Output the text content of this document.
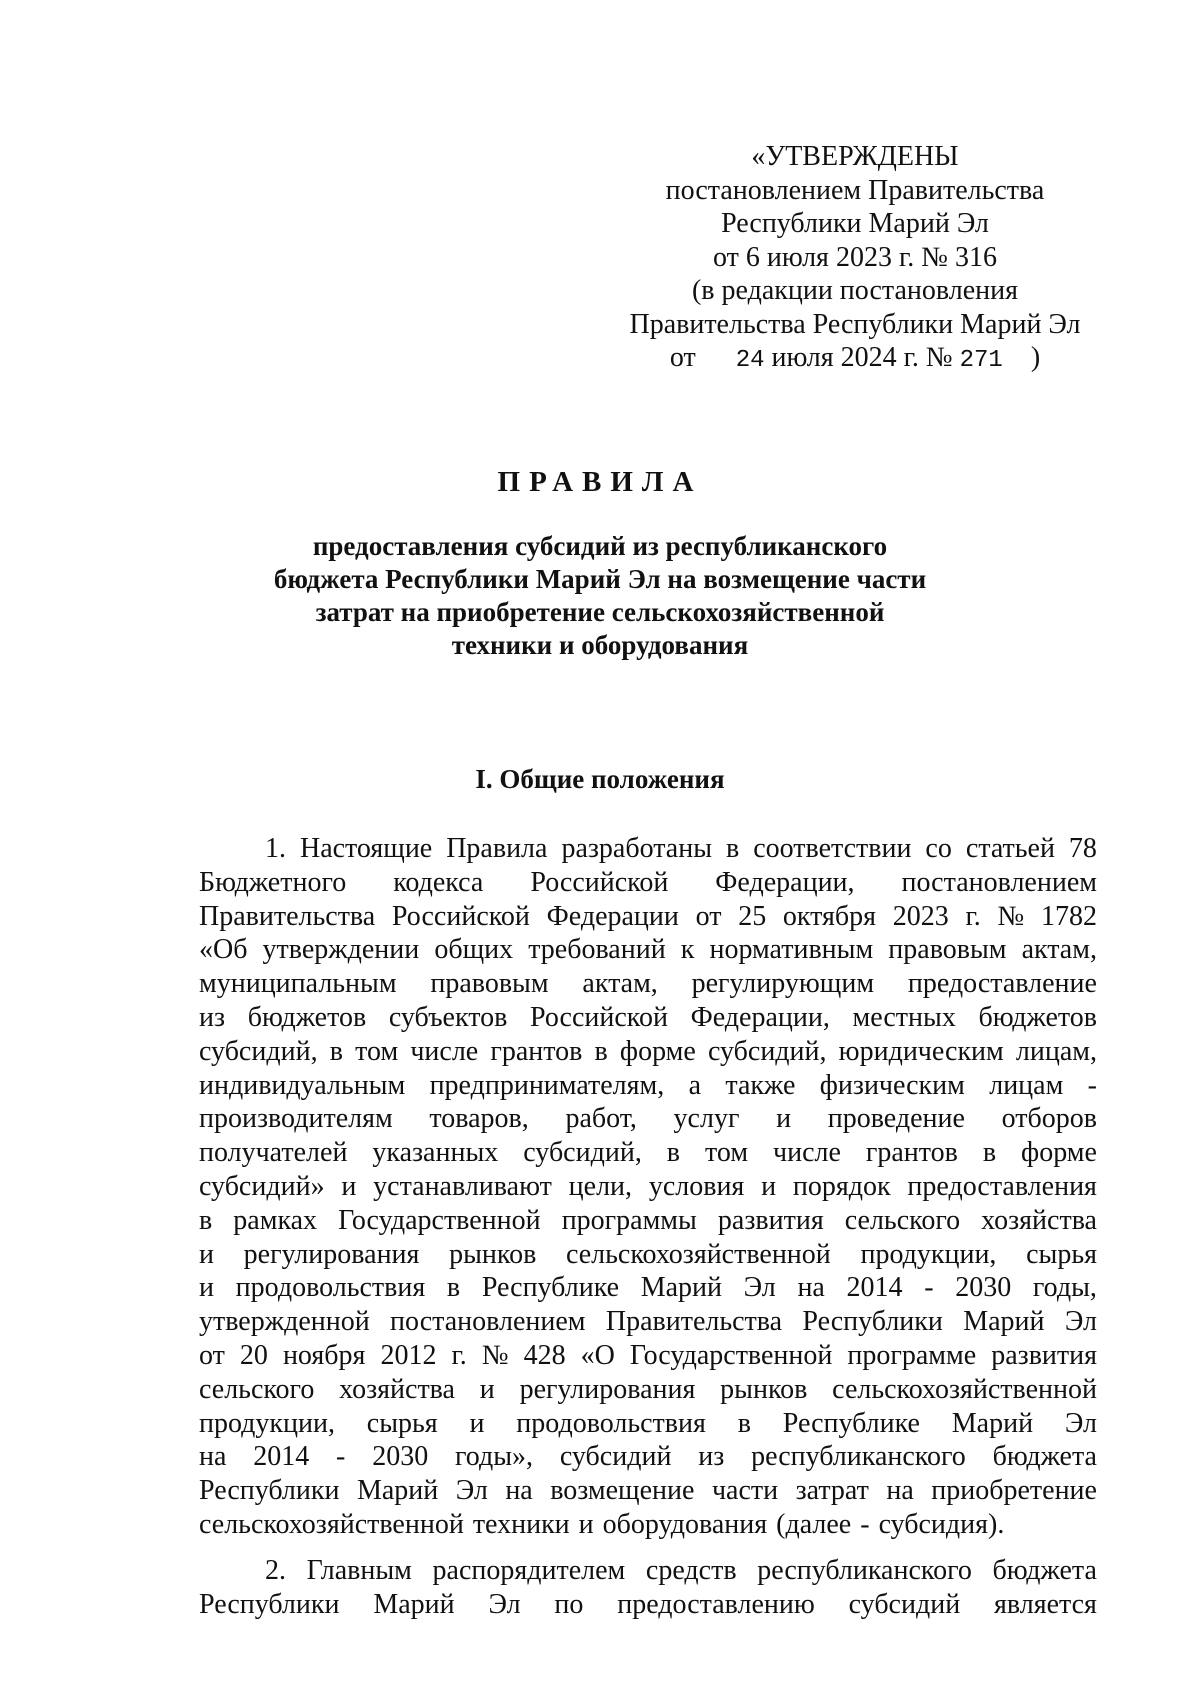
«УТВЕРЖДЕНЫ
постановлением Правительства
Республики Марий Эл
от 6 июля 2023 г. № 316
(в редакции постановления
Правительства Республики Марий Эл
от 24 июля 2024 г. № 271 )
ПРАВИЛА
предоставления субсидий из республиканского
бюджета Республики Марий Эл на возмещение части
затрат на приобретение сельскохозяйственной
техники и оборудования
I. Общие положения
1. Настоящие Правила разработаны в соответствии со статьей 78
Бюджетного кодекса Российской Федерации, постановлением
Правительства Российской Федерации от 25 октября 2023 г. № 1782
«Об утверждении общих требований к нормативным правовым актам,
муниципальным правовым актам, регулирующим предоставление
из бюджетов субъектов Российской Федерации, местных бюджетов
субсидий, в том числе грантов в форме субсидий, юридическим лицам,
индивидуальным предпринимателям, а также физическим лицам -
производителям товаров, работ, услуг и проведение отборов
получателей указанных субсидий, в том числе грантов в форме
субсидий» и устанавливают цели, условия и порядок предоставления
в рамках Государственной программы развития сельского хозяйства
и регулирования рынков сельскохозяйственной продукции, сырья
и продовольствия в Республике Марий Эл на 2014 - 2030 годы,
утвержденной постановлением Правительства Республики Марий Эл
от 20 ноября 2012 г. № 428 «О Государственной программе развития
сельского хозяйства и регулирования рынков сельскохозяйственной
продукции, сырья и продовольствия в Республике Марий Эл
на 2014 - 2030 годы», субсидий из республиканского бюджета
Республики Марий Эл на возмещение части затрат на приобретение
сельскохозяйственной техники и оборудования (далее - субсидия).
2. Главным распорядителем средств республиканского бюджета
Республики Марий Эл по предоставлению субсидий является
